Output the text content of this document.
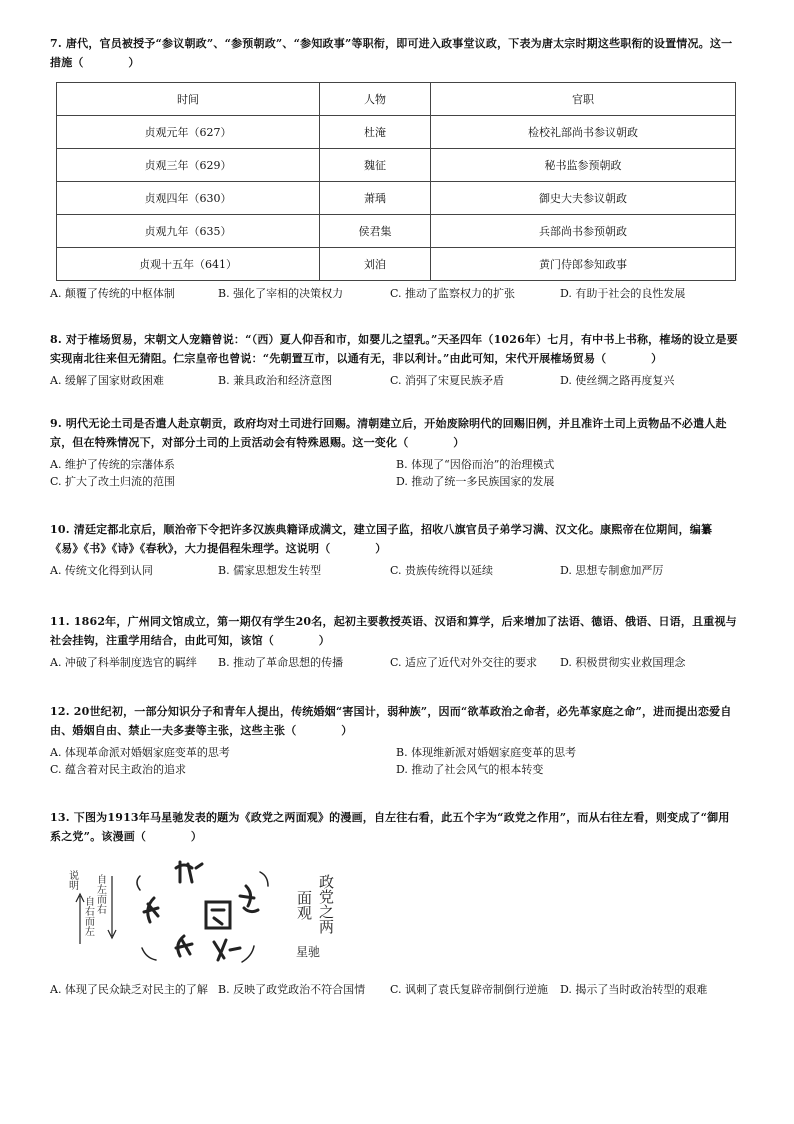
7. 唐代，官员被授予“参议朝政”、“参预朝政”、“参知政事”等职衔，即可进入政事堂议政，下表为唐太宗时期这些职衔的设置情况。这一措施（　　　　）
时间	人物	官职
贞观元年（627）	杜淹	检校礼部尚书参议朝政
贞观三年（629）	魏征	秘书监参预朝政
贞观四年（630）	萧瑀	御史大夫参议朝政
贞观九年（635）	侯君集	兵部尚书参预朝政
贞观十五年（641）	刘洎	黄门侍郎参知政事
A. 颠覆了传统的中枢体制	B. 强化了宰相的决策权力	C. 推动了监察权力的扩张	D. 有助于社会的良性发展
8. 对于榷场贸易，宋朝文人宠籍曾说：“（西）夏人仰吾和市，如婴儿之望乳。”天圣四年（1026年）七月，有中书上书称，榷场的设立是要实现南北往来但无猜阻。仁宗皇帝也曾说：“先朝置互市，以通有无，非以利计。”由此可知，宋代开展榷场贸易（　　　　）
A. 缓解了国家财政困难	B. 兼具政治和经济意图	C. 消弭了宋夏民族矛盾	D. 使丝绸之路再度复兴
9. 明代无论土司是否遣人赴京朝贡，政府均对土司进行回赐。清朝建立后，开始废除明代的回赐旧例，并且准许土司上贡物品不必遣人赴京，但在特殊情况下，对部分土司的上贡活动会有特殊恩赐。这一变化（　　　　）
A. 维护了传统的宗藩体系	B. 体现了“因俗而治”的治理模式
C. 扩大了改土归流的范围	D. 推动了统一多民族国家的发展
10. 清廷定都北京后，顺治帝下令把许多汉族典籍译成满文，建立国子监，招收八旗官员子弟学习满、汉文化。康熙帝在位期间，编纂《易》《书》《诗》《春秋》，大力提倡程朱理学。这说明（　　　　）
A. 传统文化得到认同	B. 儒家思想发生转型	C. 贵族传统得以延续	D. 思想专制愈加严厉
11. 1862年，广州同文馆成立，第一期仅有学生20名，起初主要教授英语、汉语和算学，后来增加了法语、德语、俄语、日语，且重视与社会挂钩，注重学用结合，由此可知，该馆（　　　　）
A. 冲破了科举制度选官的羁绊	B. 推动了革命思想的传播	C. 适应了近代对外交往的要求	D. 积极贯彻实业救国理念
12. 20世纪初，一部分知识分子和青年人提出，传统婚姻“害国计，弱种族”，因而“欲革政治之命者，必先革家庭之命”，进而提出恋爱自由、婚姻自由、禁止一夫多妻等主张，这些主张（　　　　）
A. 体现革命派对婚姻家庭变革的思考	B. 体现维新派对婚姻家庭变革的思考
C. 蕴含着对民主政治的追求	D. 推动了社会风气的根本转变
13. 下图为1913年马星驰发表的题为《政党之两面观》的漫画，自左往右看，此五个字为“政党之作用”，而从右往左看，则变成了“御用系之党”。该漫画（　　　　）
说明 自左而右
自右而左	政党之两
面观
星驰
A. 体现了民众缺乏对民主的了解 B. 反映了政党政治不符合国情	C. 讽刺了袁氏复辟帝制倒行逆施	D. 揭示了当时政治转型的艰难
